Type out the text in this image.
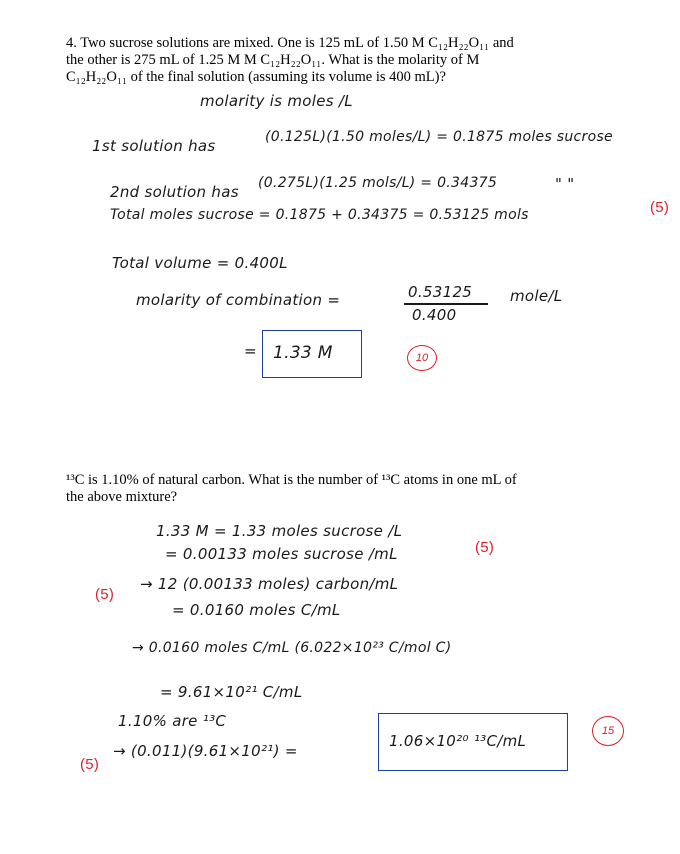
4. Two sucrose solutions are mixed. One is 125 mL of 1.50 M C₁₂H₂₂O₁₁ and
the other is 275 mL of 1.25 M M C₁₂H₂₂O₁₁. What is the molarity of M
C₁₂H₂₂O₁₁ of the final solution (assuming its volume is 400 mL)?
molarity is moles /L
1st solution has	(0.125L)(1.50 moles/L) = 0.1875 moles sucrose
2nd solution has (0.275L)(1.25 mols/L) = 0.34375	" "
Total moles sucrose = 0.1875 + 0.34375 = 0.53125 mols	(5)
Total volume = 0.400L
molarity of combination =	0.53125	mole/L
0.400
= 1.33 M	10
¹³C is 1.10% of natural carbon. What is the number of ¹³C atoms in one mL of
the above mixture?
1.33 M = 1.33 moles sucrose /L
= 0.00133 moles sucrose /mL	(5)
(5)
→ 12 (0.00133 moles) carbon/mL
= 0.0160 moles C/mL
→ 0.0160 moles C/mL (6.022×10²³ C/mol C)
= 9.61×10²¹ C/mL
1.10% are ¹³C
(5)
→ (0.011)(9.61×10²¹) =
1.06×10²⁰ ¹³C/mL
15
